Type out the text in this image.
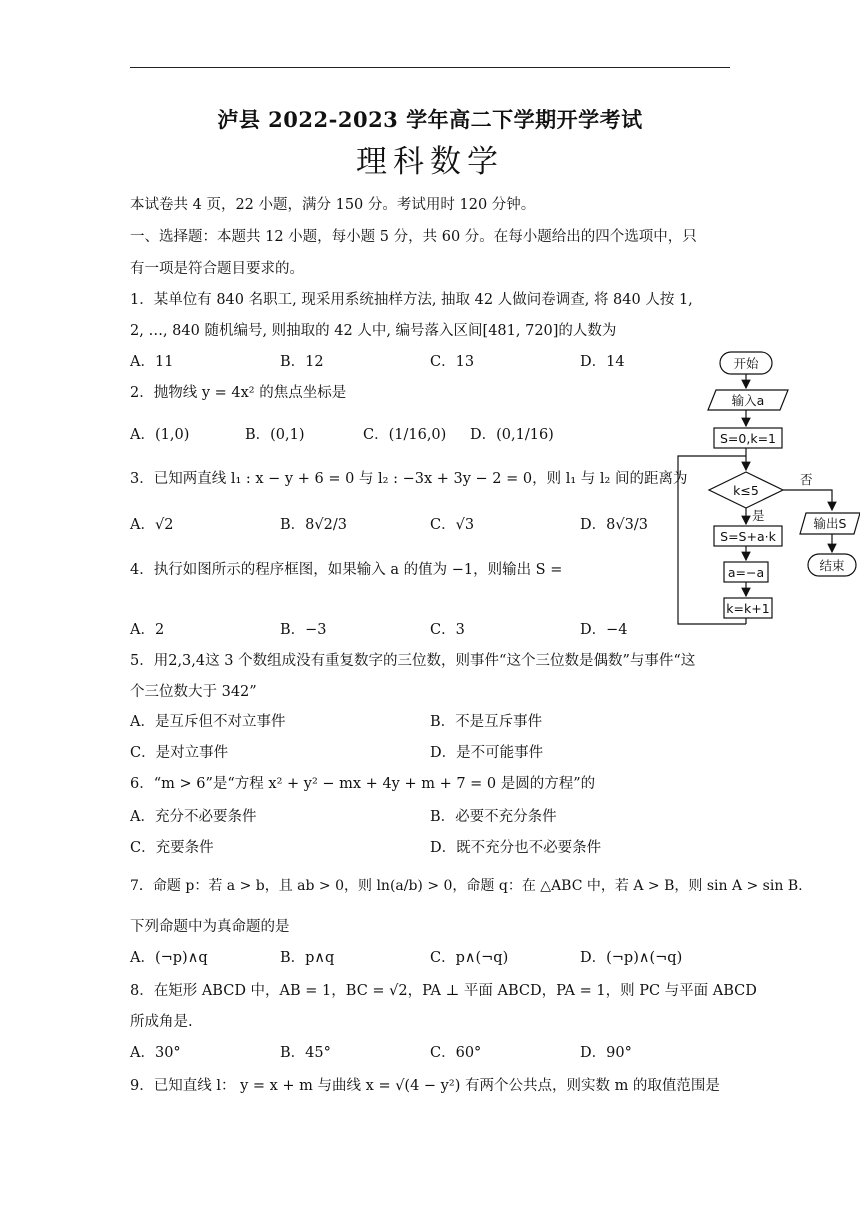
泸县 2022-2023 学年高二下学期开学考试
理科数学
本试卷共 4 页，22 小题，满分 150 分。考试用时 120 分钟。
一、选择题：本题共 12 小题，每小题 5 分，共 60 分。在每小题给出的四个选项中，只
有一项是符合题目要求的。
1．某单位有 840 名职工, 现采用系统抽样方法, 抽取 42 人做问卷调查, 将 840 人按 1,
2, …, 840 随机编号, 则抽取的 42 人中, 编号落入区间[481, 720]的人数为
A．11	B．12	C．13	D．14
2．抛物线 y = 4x² 的焦点坐标是
A．(1,0)	B．(0,1)	C．(1/16,0) D．(0,1/16)
3．已知两直线 l₁ : x − y + 6 = 0 与 l₂ : −3x + 3y − 2 = 0，则 l₁ 与 l₂ 间的距离为
A．√2	B．8√2/3	C．√3	D．8√3/3
4．执行如图所示的程序框图，如果输入 a 的值为 −1，则输出 S =
A．2	B．−3	C．3	D．−4
5．用2,3,4这 3 个数组成没有重复数字的三位数，则事件“这个三位数是偶数”与事件“这
个三位数大于 342”
A．是互斥但不对立事件	B．不是互斥事件
C．是对立事件	D．是不可能事件
6．“m > 6”是“方程 x² + y² − mx + 4y + m + 7 = 0 是圆的方程”的
A．充分不必要条件	B．必要不充分条件
C．充要条件	D．既不充分也不必要条件
7．命题 p：若 a > b，且 ab > 0，则 ln(a/b) > 0，命题 q：在 △ABC 中，若 A > B，则 sin A > sin B.
下列命题中为真命题的是
A．(¬p)∧q	B．p∧q	C．p∧(¬q)	D．(¬p)∧(¬q)
8．在矩形 ABCD 中，AB = 1，BC = √2，PA ⊥ 平面 ABCD，PA = 1，则 PC 与平面 ABCD
所成角是.
A．30°	B．45°	C．60°	D．90°
9．已知直线 l： y = x + m 与曲线 x = √(4 − y²) 有两个公共点，则实数 m 的取值范围是
开始
输入a
S=0,k=1
k≤5
是
否
S=S+a·k
a=−a
k=k+1
输出S
结束
